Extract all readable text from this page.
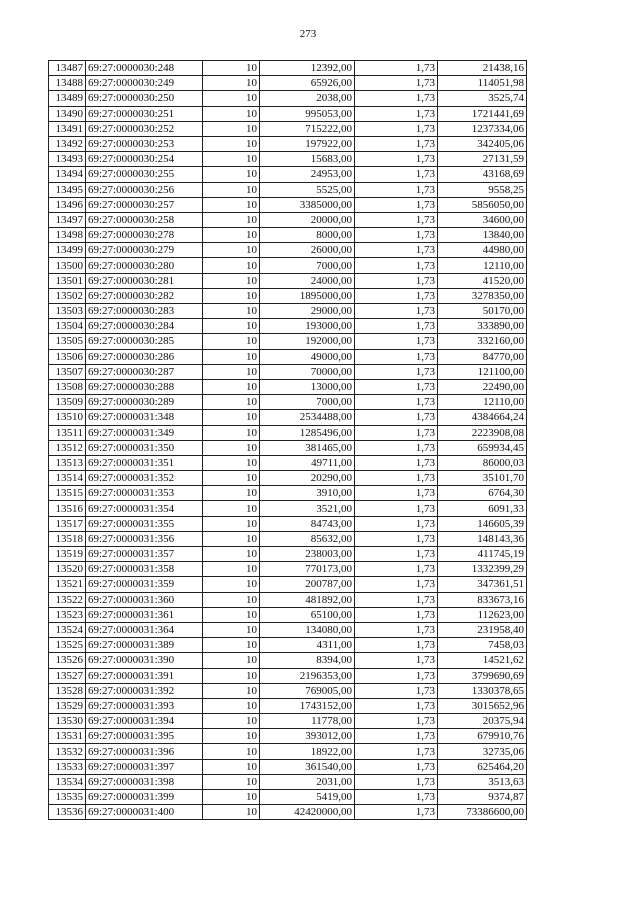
273
13487	69:27:0000030:248	10	12392,00	1,73	21438,16
13488	69:27:0000030:249	10	65926,00	1,73	114051,98
13489	69:27:0000030:250	10	2038,00	1,73	3525,74
13490	69:27:0000030:251	10	995053,00	1,73	1721441,69
13491	69:27:0000030:252	10	715222,00	1,73	1237334,06
13492	69:27:0000030:253	10	197922,00	1,73	342405,06
13493	69:27:0000030:254	10	15683,00	1,73	27131,59
13494	69:27:0000030:255	10	24953,00	1,73	43168,69
13495	69:27:0000030:256	10	5525,00	1,73	9558,25
13496	69:27:0000030:257	10	3385000,00	1,73	5856050,00
13497	69:27:0000030:258	10	20000,00	1,73	34600,00
13498	69:27:0000030:278	10	8000,00	1,73	13840,00
13499	69:27:0000030:279	10	26000,00	1,73	44980,00
13500	69:27:0000030:280	10	7000,00	1,73	12110,00
13501	69:27:0000030:281	10	24000,00	1,73	41520,00
13502	69:27:0000030:282	10	1895000,00	1,73	3278350,00
13503	69:27:0000030:283	10	29000,00	1,73	50170,00
13504	69:27:0000030:284	10	193000,00	1,73	333890,00
13505	69:27:0000030:285	10	192000,00	1,73	332160,00
13506	69:27:0000030:286	10	49000,00	1,73	84770,00
13507	69:27:0000030:287	10	70000,00	1,73	121100,00
13508	69:27:0000030:288	10	13000,00	1,73	22490,00
13509	69:27:0000030:289	10	7000,00	1,73	12110,00
13510	69:27:0000031:348	10	2534488,00	1,73	4384664,24
13511	69:27:0000031:349	10	1285496,00	1,73	2223908,08
13512	69:27:0000031:350	10	381465,00	1,73	659934,45
13513	69:27:0000031:351	10	49711,00	1,73	86000,03
13514	69:27:0000031:352	10	20290,00	1,73	35101,70
13515	69:27:0000031:353	10	3910,00	1,73	6764,30
13516	69:27:0000031:354	10	3521,00	1,73	6091,33
13517	69:27:0000031:355	10	84743,00	1,73	146605,39
13518	69:27:0000031:356	10	85632,00	1,73	148143,36
13519	69:27:0000031:357	10	238003,00	1,73	411745,19
13520	69:27:0000031:358	10	770173,00	1,73	1332399,29
13521	69:27:0000031:359	10	200787,00	1,73	347361,51
13522	69:27:0000031:360	10	481892,00	1,73	833673,16
13523	69:27:0000031:361	10	65100,00	1,73	112623,00
13524	69:27:0000031:364	10	134080,00	1,73	231958,40
13525	69:27:0000031:389	10	4311,00	1,73	7458,03
13526	69:27:0000031:390	10	8394,00	1,73	14521,62
13527	69:27:0000031:391	10	2196353,00	1,73	3799690,69
13528	69:27:0000031:392	10	769005,00	1,73	1330378,65
13529	69:27:0000031:393	10	1743152,00	1,73	3015652,96
13530	69:27:0000031:394	10	11778,00	1,73	20375,94
13531	69:27:0000031:395	10	393012,00	1,73	679910,76
13532	69:27:0000031:396	10	18922,00	1,73	32735,06
13533	69:27:0000031:397	10	361540,00	1,73	625464,20
13534	69:27:0000031:398	10	2031,00	1,73	3513,63
13535	69:27:0000031:399	10	5419,00	1,73	9374,87
13536	69:27:0000031:400	10	42420000,00	1,73	73386600,00
